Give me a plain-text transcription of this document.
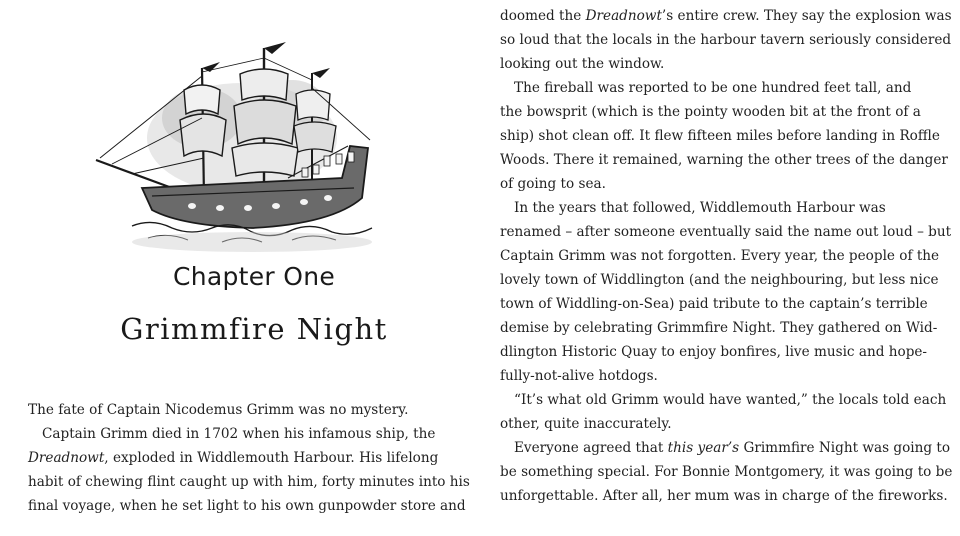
Chapter One
Grimmfire Night
The fate of Captain Nicodemus Grimm was no mystery.
Captain Grimm died in 1702 when his infamous ship, the
Dreadnowt, exploded in Widdlemouth Harbour. His lifelong
habit of chewing flint caught up with him, forty minutes into his
final voyage, when he set light to his own gunpowder store and
doomed the Dreadnowt’s entire crew. They say the explosion was
so loud that the locals in the harbour tavern seriously considered
looking out the window.
The fireball was reported to be one hundred feet tall, and
the bowsprit (which is the pointy wooden bit at the front of a
ship) shot clean off. It flew fifteen miles before landing in Roffle
Woods. There it remained, warning the other trees of the danger
of going to sea.
In the years that followed, Widdlemouth Harbour was
renamed – after someone eventually said the name out loud – but
Captain Grimm was not forgotten. Every year, the people of the
lovely town of Widdlington (and the neighbouring, but less nice
town of Widdling-on-Sea) paid tribute to the captain’s terrible
demise by celebrating Grimmfire Night. They gathered on Wid-
dlington Historic Quay to enjoy bonfires, live music and hope-
fully-not-alive hotdogs.
“It’s what old Grimm would have wanted,” the locals told each
other, quite inaccurately.
Everyone agreed that this year’s Grimmfire Night was going to
be something special. For Bonnie Montgomery, it was going to be
unforgettable. After all, her mum was in charge of the fireworks.
